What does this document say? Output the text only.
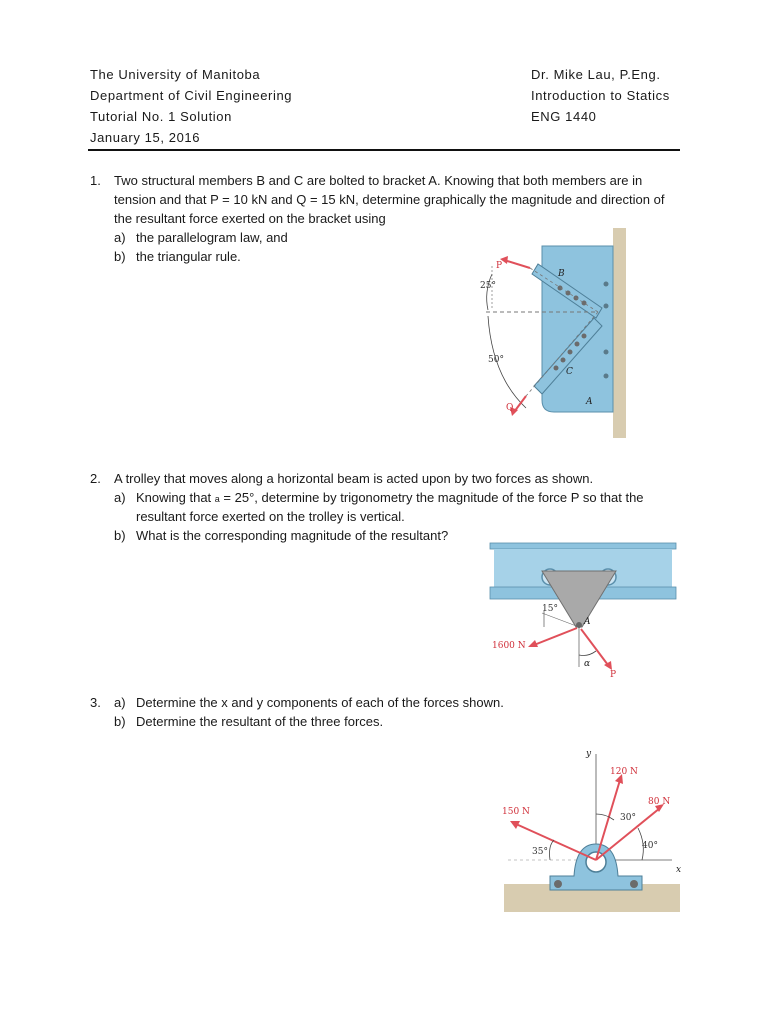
The University of Manitoba
Department of Civil Engineering
Tutorial No. 1 Solution
January 15, 2016
Dr. Mike Lau, P.Eng.
Introduction to Statics
ENG 1440
1. Two structural members B and C are bolted to bracket A. Knowing that both members are in
tension and that P = 10 kN and Q = 15 kN, determine graphically the magnitude and direction of
the resultant force exerted on the bracket using
a) the parallelogram law, and
b) the triangular rule.
P
Q
B
C
A
25°
50°
2. A trolley that moves along a horizontal beam is acted upon by two forces as shown.
a) Knowing that a = 25°, determine by trigonometry the magnitude of the force P so that the
resultant force exerted on the trolley is vertical.
b) What is the corresponding magnitude of the resultant?
15°
A
1600 N
α
P
3. a) Determine the x and y components of each of the forces shown.
b) Determine the resultant of the three forces.
y
x
120 N
80 N
150 N
30°
40°
35°
